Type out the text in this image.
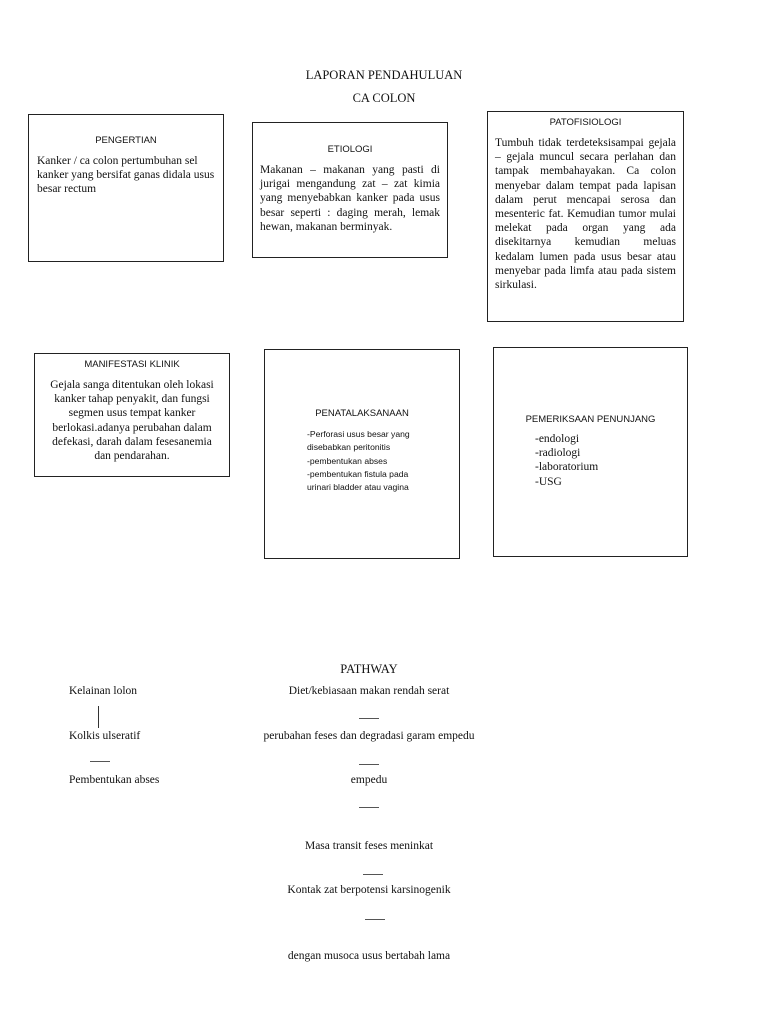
LAPORAN PENDAHULUAN
CA COLON
PENGERTIAN
Kanker / ca colon pertumbuhan sel kanker yang bersifat ganas didala usus besar rectum
ETIOLOGI
Makanan – makanan yang pasti di jurigai mengandung zat – zat kimia yang menyebabkan kanker pada usus besar seperti : daging merah, lemak hewan, makanan berminyak.
PATOFISIOLOGI
Tumbuh tidak terdeteksisampai gejala – gejala muncul secara perlahan dan tampak membahayakan. Ca colon menyebar dalam tempat pada lapisan dalam perut mencapai serosa dan mesenteric fat. Kemudian tumor mulai melekat pada organ yang ada disekitarnya kemudian meluas kedalam lumen pada usus besar atau menyebar pada limfa atau pada sistem sirkulasi.
MANIFESTASI KLINIK
Gejala sanga ditentukan oleh lokasi kanker tahap penyakit, dan fungsi segmen usus tempat kanker berlokasi.adanya perubahan dalam defekasi, darah dalam fesesanemia dan pendarahan.
PENATALAKSANAAN
-Perforasi usus besar yang
disebabkan peritonitis
-pembentukan abses
-pembentukan fistula pada
urinari bladder atau vagina
PEMERIKSAAN PENUNJANG
-endologi
-radiologi
-laboratorium
-USG
PATHWAY
Kelainan lolon
Kolkis ulseratif
Pembentukan abses
Diet/kebiasaan makan rendah serat
perubahan feses dan degradasi garam empedu
empedu
Masa transit feses meninkat
Kontak zat berpotensi karsinogenik
dengan musoca usus bertabah lama
